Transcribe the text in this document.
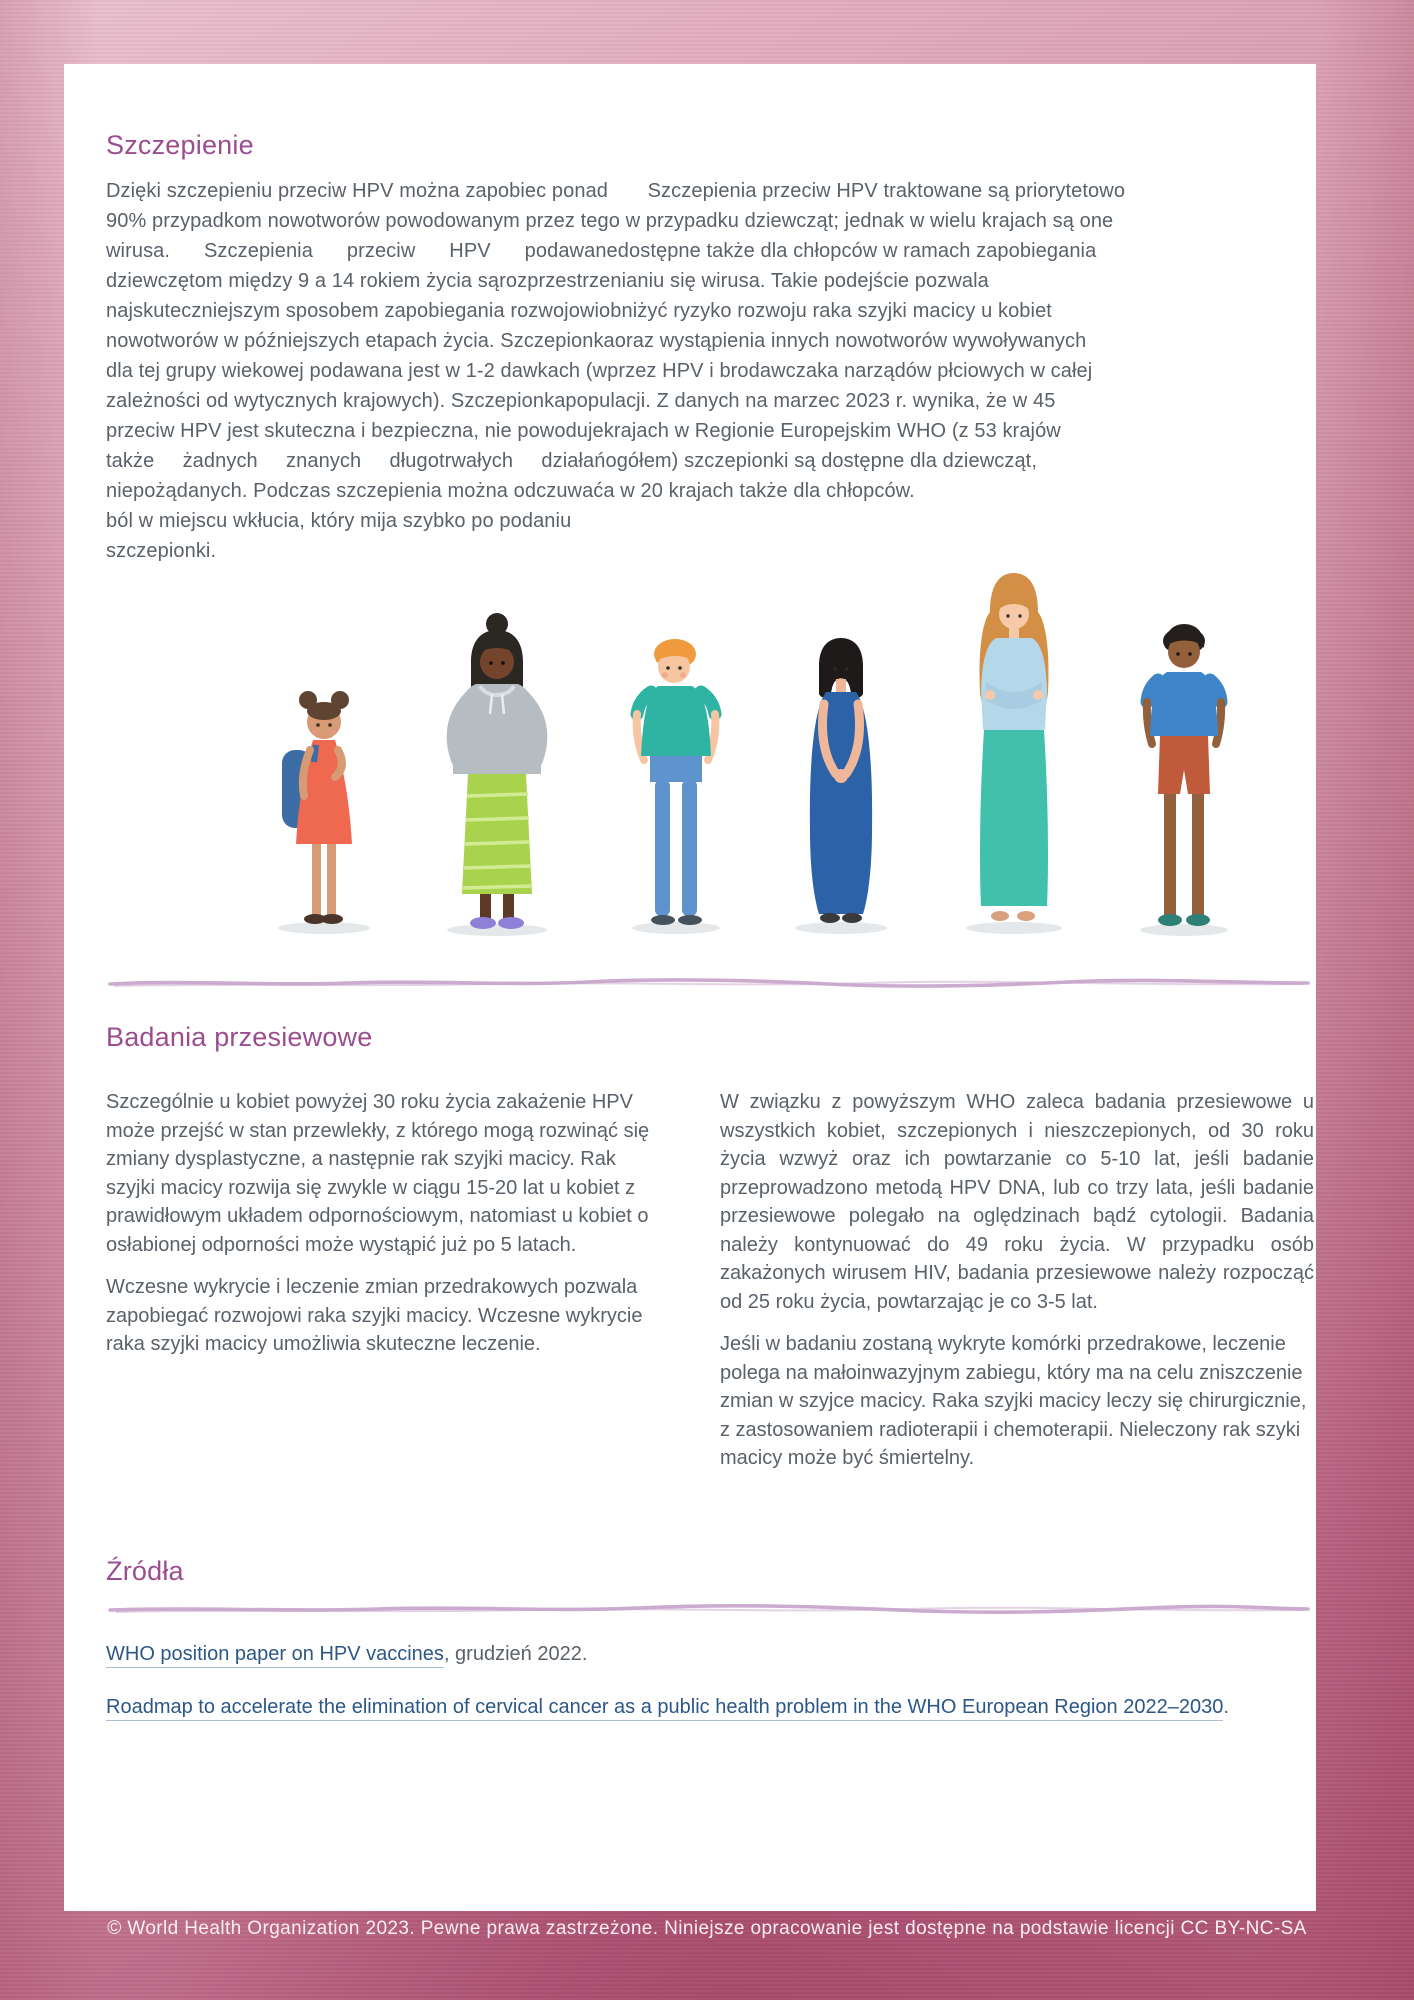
Szczepienie
Dzięki szczepieniu przeciw HPV można zapobiec ponad       Szczepienia przeciw HPV traktowane są priorytetowo
90% przypadkom nowotworów powodowanym przez tego w przypadku dziewcząt; jednak w wielu krajach są one
wirusa.      Szczepienia      przeciw      HPV      podawanedostępne także dla chłopców w ramach zapobiegania
dziewczętom między 9 a 14 rokiem życia sąrozprzestrzenianiu się wirusa. Takie podejście pozwala
najskuteczniejszym sposobem zapobiegania rozwojowiobniżyć ryzyko rozwoju raka szyjki macicy u kobiet
nowotworów w późniejszych etapach życia. Szczepionkaoraz wystąpienia innych nowotworów wywoływanych
dla tej grupy wiekowej podawana jest w 1-2 dawkach (wprzez HPV i brodawczaka narządów płciowych w całej
zależności od wytycznych krajowych). Szczepionkapopulacji. Z danych na marzec 2023 r. wynika, że w 45
przeciw HPV jest skuteczna i bezpieczna, nie powodujekrajach w Regionie Europejskim WHO (z 53 krajów
także     żadnych     znanych     długotrwałych     działańogółem) szczepionki są dostępne dla dziewcząt,
niepożądanych. Podczas szczepienia można odczuwaća w 20 krajach także dla chłopców.
ból w miejscu wkłucia, który mija szybko po podaniu
szczepionki.
Badania przesiewowe

Szczególnie u kobiet powyżej 30 roku życia zakażenie HPV może przejść w stan przewlekły, z którego mogą rozwinąć się zmiany dysplastyczne, a następnie rak szyjki macicy. Rak szyjki macicy rozwija się zwykle w ciągu 15-20 lat u kobiet z prawidłowym układem odpornościowym, natomiast u kobiet o osłabionej odporności może wystąpić już po 5 latach.

Wczesne wykrycie i leczenie zmian przedrakowych pozwala zapobiegać rozwojowi raka szyjki macicy. Wczesne wykrycie raka szyjki macicy umożliwia skuteczne leczenie.

W związku z powyższym WHO zaleca badania przesiewowe u wszystkich kobiet, szczepionych i nieszczepionych, od 30 roku życia wzwyż oraz ich powtarzanie co 5-10 lat, jeśli badanie przeprowadzono metodą HPV DNA, lub co trzy lata, jeśli badanie przesiewowe polegało na oględzinach bądź cytologii. Badania należy kontynuować do 49 roku życia. W przypadku osób zakażonych wirusem HIV, badania przesiewowe należy rozpocząć od 25 roku życia, powtarzając je co 3-5 lat.

Jeśli w badaniu zostaną wykryte komórki przedrakowe, leczenie polega na małoinwazyjnym zabiegu, który ma na celu zniszczenie zmian w szyjce macicy. Raka szyjki macicy leczy się chirurgicznie, z zastosowaniem radioterapii i chemoterapii. Nieleczony rak szyki macicy może być śmiertelny.

Źródła

WHO position paper on HPV vaccines, grudzień 2022.

Roadmap to accelerate the elimination of cervical cancer as a public health problem in the WHO European Region 2022–2030.

© World Health Organization 2023. Pewne prawa zastrzeżone. Niniejsze opracowanie jest dostępne na podstawie licencji CC BY-NC-SA
